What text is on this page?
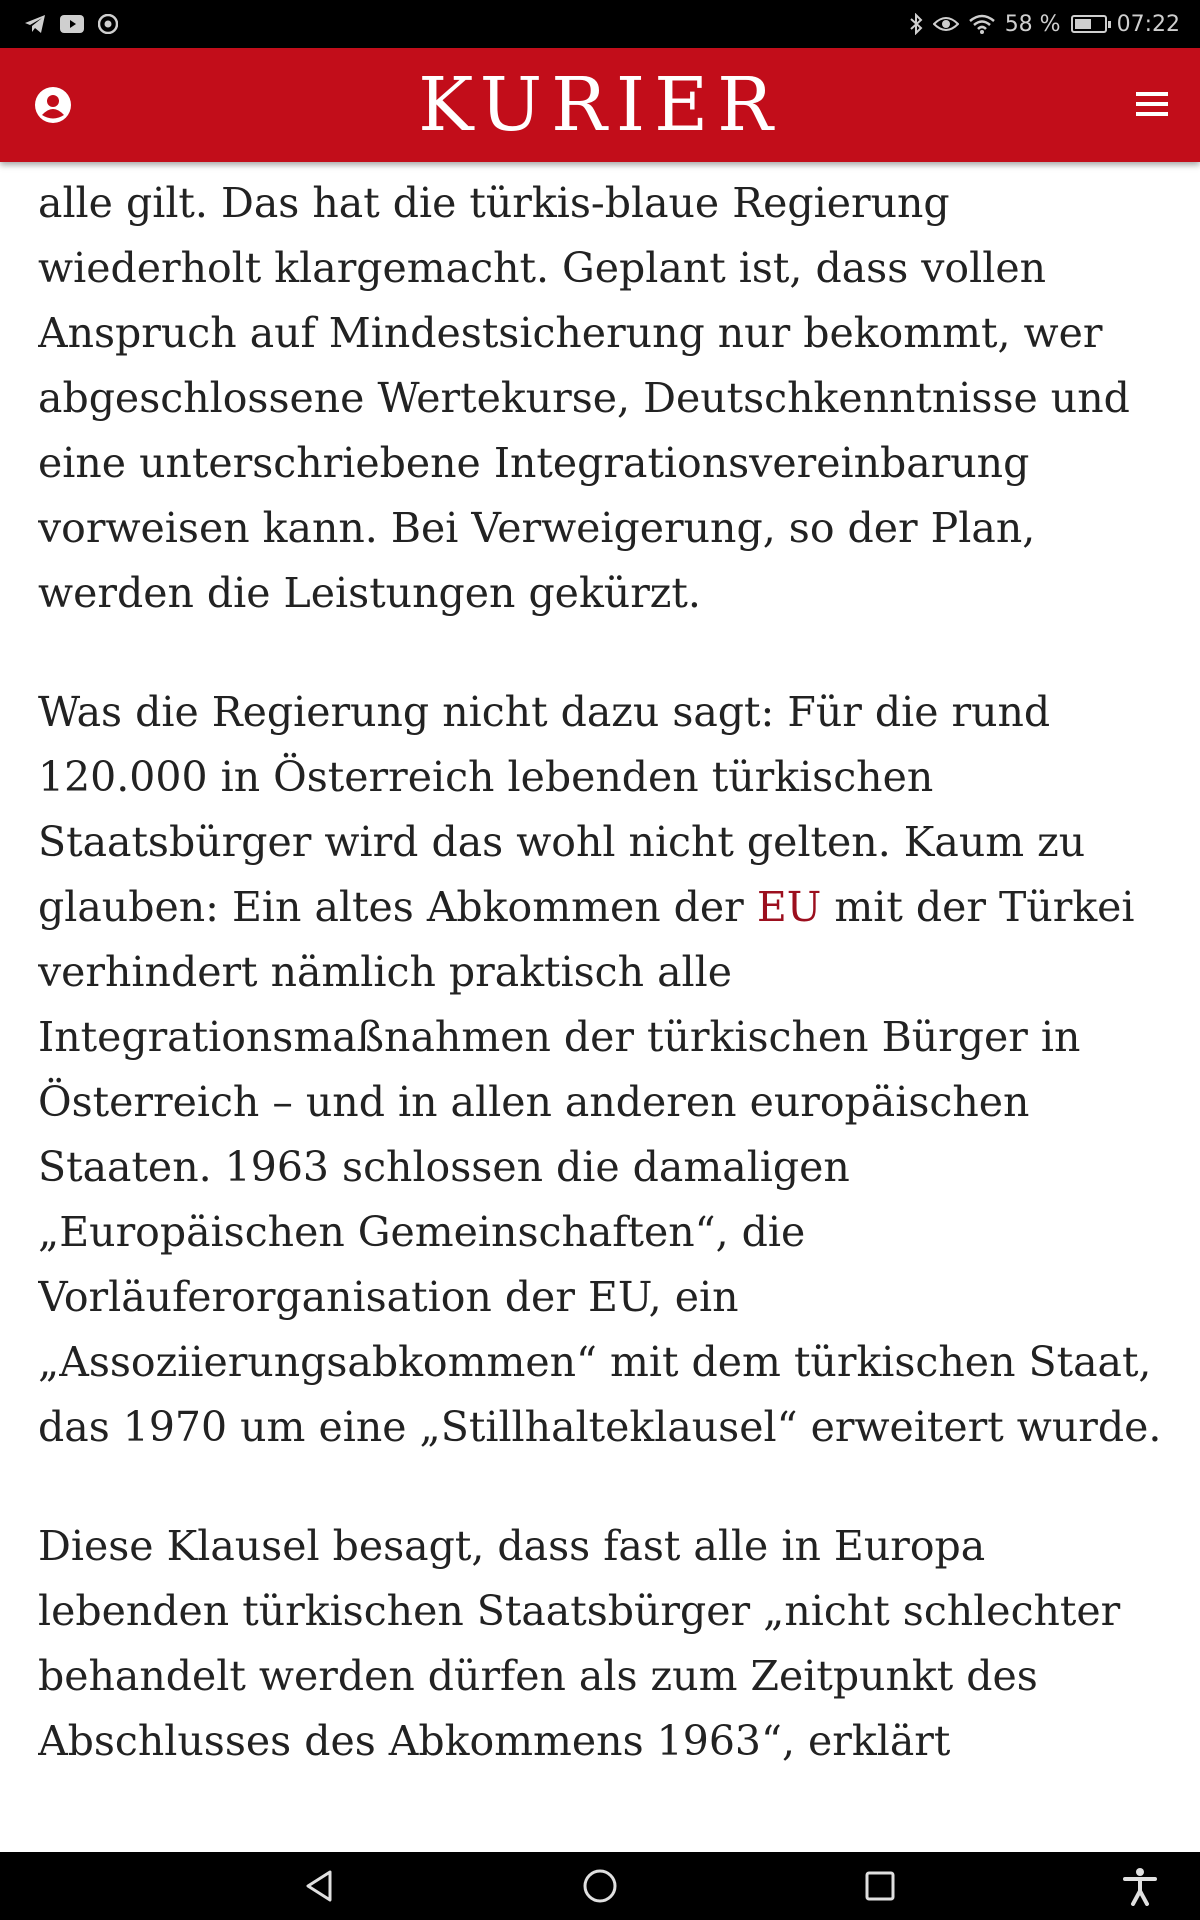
58 %	07:22
KURIER

alle gilt. Das hat die türkis-blaue Regierung wiederholt klargemacht. Geplant ist, dass vollen Anspruch auf Mindestsicherung nur bekommt, wer abgeschlossene Wertekurse, Deutschkenntnisse und eine unterschriebene Integrationsvereinbarung vorweisen kann. Bei Verweigerung, so der Plan, werden die Leistungen gekürzt.

Was die Regierung nicht dazu sagt: Für die rund 120.000 in Österreich lebenden türkischen Staatsbürger wird das wohl nicht gelten. Kaum zu glauben: Ein altes Abkommen der EU mit der Türkei verhindert nämlich praktisch alle Integrationsmaßnahmen der türkischen Bürger in Österreich – und in allen anderen europäischen Staaten. 1963 schlossen die damaligen „Europäischen Gemeinschaften“, die Vorläuferorganisation der EU, ein „Assoziierungsabkommen“ mit dem türkischen Staat, das 1970 um eine „Stillhalteklausel“ erweitert wurde.

Diese Klausel besagt, dass fast alle in Europa lebenden türkischen Staatsbürger „nicht schlechter behandelt werden dürfen als zum Zeitpunkt des Abschlusses des Abkommens 1963“, erklärt
